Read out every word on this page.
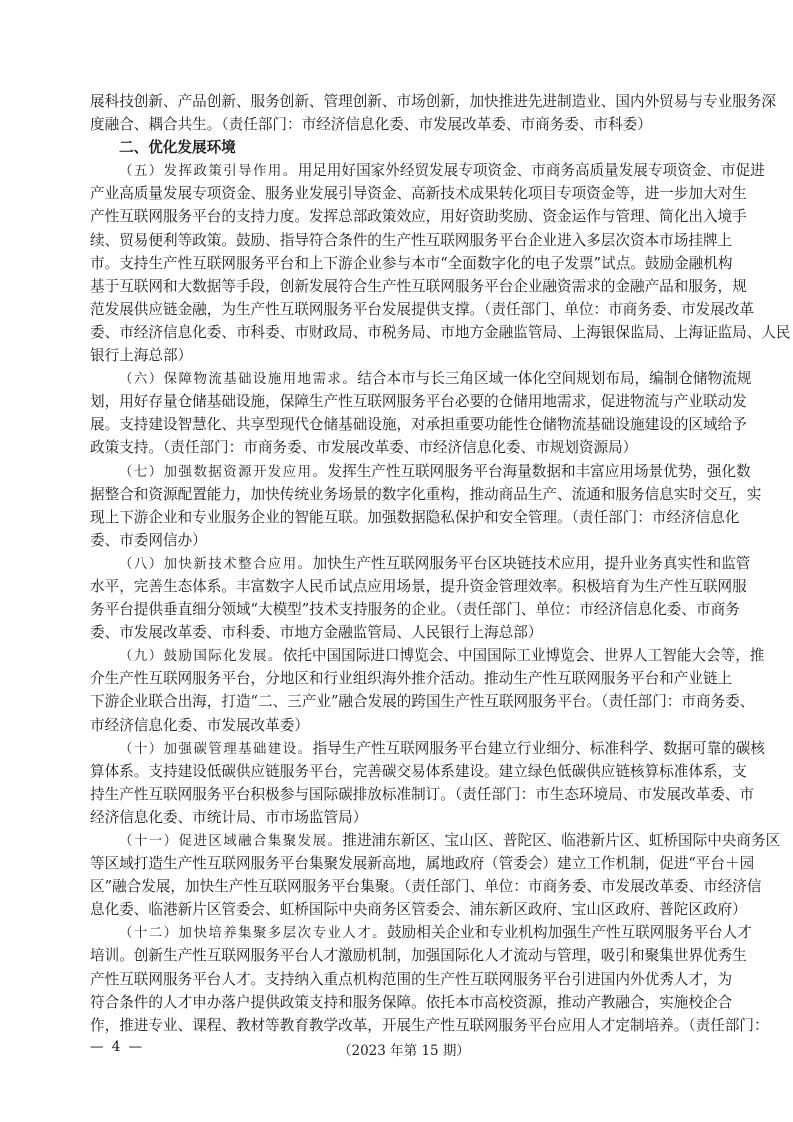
展科技创新、产品创新、服务创新、管理创新、市场创新，加快推进先进制造业、国内外贸易与专业服务深
度融合、耦合共生。（责任部门：市经济信息化委、市发展改革委、市商务委、市科委）
二、优化发展环境
（五）发挥政策引导作用。用足用好国家外经贸发展专项资金、市商务高质量发展专项资金、市促进
产业高质量发展专项资金、服务业发展引导资金、高新技术成果转化项目专项资金等，进一步加大对生
产性互联网服务平台的支持力度。发挥总部政策效应，用好资助奖励、资金运作与管理、简化出入境手
续、贸易便利等政策。鼓励、指导符合条件的生产性互联网服务平台企业进入多层次资本市场挂牌上
市。支持生产性互联网服务平台和上下游企业参与本市“全面数字化的电子发票”试点。鼓励金融机构
基于互联网和大数据等手段，创新发展符合生产性互联网服务平台企业融资需求的金融产品和服务，规
范发展供应链金融，为生产性互联网服务平台发展提供支撑。（责任部门、单位：市商务委、市发展改革
委、市经济信息化委、市科委、市财政局、市税务局、市地方金融监管局、上海银保监局、上海证监局、人民
银行上海总部）
（六）保障物流基础设施用地需求。结合本市与长三角区域一体化空间规划布局，编制仓储物流规
划，用好存量仓储基础设施，保障生产性互联网服务平台必要的仓储用地需求，促进物流与产业联动发
展。支持建设智慧化、共享型现代仓储基础设施，对承担重要功能性仓储物流基础设施建设的区域给予
政策支持。（责任部门：市商务委、市发展改革委、市经济信息化委、市规划资源局）
（七）加强数据资源开发应用。发挥生产性互联网服务平台海量数据和丰富应用场景优势，强化数
据整合和资源配置能力，加快传统业务场景的数字化重构，推动商品生产、流通和服务信息实时交互，实
现上下游企业和专业服务企业的智能互联。加强数据隐私保护和安全管理。（责任部门：市经济信息化
委、市委网信办）
（八）加快新技术整合应用。加快生产性互联网服务平台区块链技术应用，提升业务真实性和监管
水平，完善生态体系。丰富数字人民币试点应用场景，提升资金管理效率。积极培育为生产性互联网服
务平台提供垂直细分领域“大模型”技术支持服务的企业。（责任部门、单位：市经济信息化委、市商务
委、市发展改革委、市科委、市地方金融监管局、人民银行上海总部）
（九）鼓励国际化发展。依托中国国际进口博览会、中国国际工业博览会、世界人工智能大会等，推
介生产性互联网服务平台，分地区和行业组织海外推介活动。推动生产性互联网服务平台和产业链上
下游企业联合出海，打造“二、三产业”融合发展的跨国生产性互联网服务平台。（责任部门：市商务委、
市经济信息化委、市发展改革委）
（十）加强碳管理基础建设。指导生产性互联网服务平台建立行业细分、标准科学、数据可靠的碳核
算体系。支持建设低碳供应链服务平台，完善碳交易体系建设。建立绿色低碳供应链核算标准体系，支
持生产性互联网服务平台积极参与国际碳排放标准制订。（责任部门：市生态环境局、市发展改革委、市
经济信息化委、市统计局、市市场监管局）
（十一）促进区域融合集聚发展。推进浦东新区、宝山区、普陀区、临港新片区、虹桥国际中央商务区
等区域打造生产性互联网服务平台集聚发展新高地，属地政府（管委会）建立工作机制，促进“平台＋园
区”融合发展，加快生产性互联网服务平台集聚。（责任部门、单位：市商务委、市发展改革委、市经济信
息化委、临港新片区管委会、虹桥国际中央商务区管委会、浦东新区政府、宝山区政府、普陀区政府）
（十二）加快培养集聚多层次专业人才。鼓励相关企业和专业机构加强生产性互联网服务平台人才
培训。创新生产性互联网服务平台人才激励机制，加强国际化人才流动与管理，吸引和聚集世界优秀生
产性互联网服务平台人才。支持纳入重点机构范围的生产性互联网服务平台引进国内外优秀人才，为
符合条件的人才申办落户提供政策支持和服务保障。依托本市高校资源，推动产教融合，实施校企合
作，推进专业、课程、教材等教育教学改革，开展生产性互联网服务平台应用人才定制培养。（责任部门：
— 4 —	（2023 年第 15 期）
